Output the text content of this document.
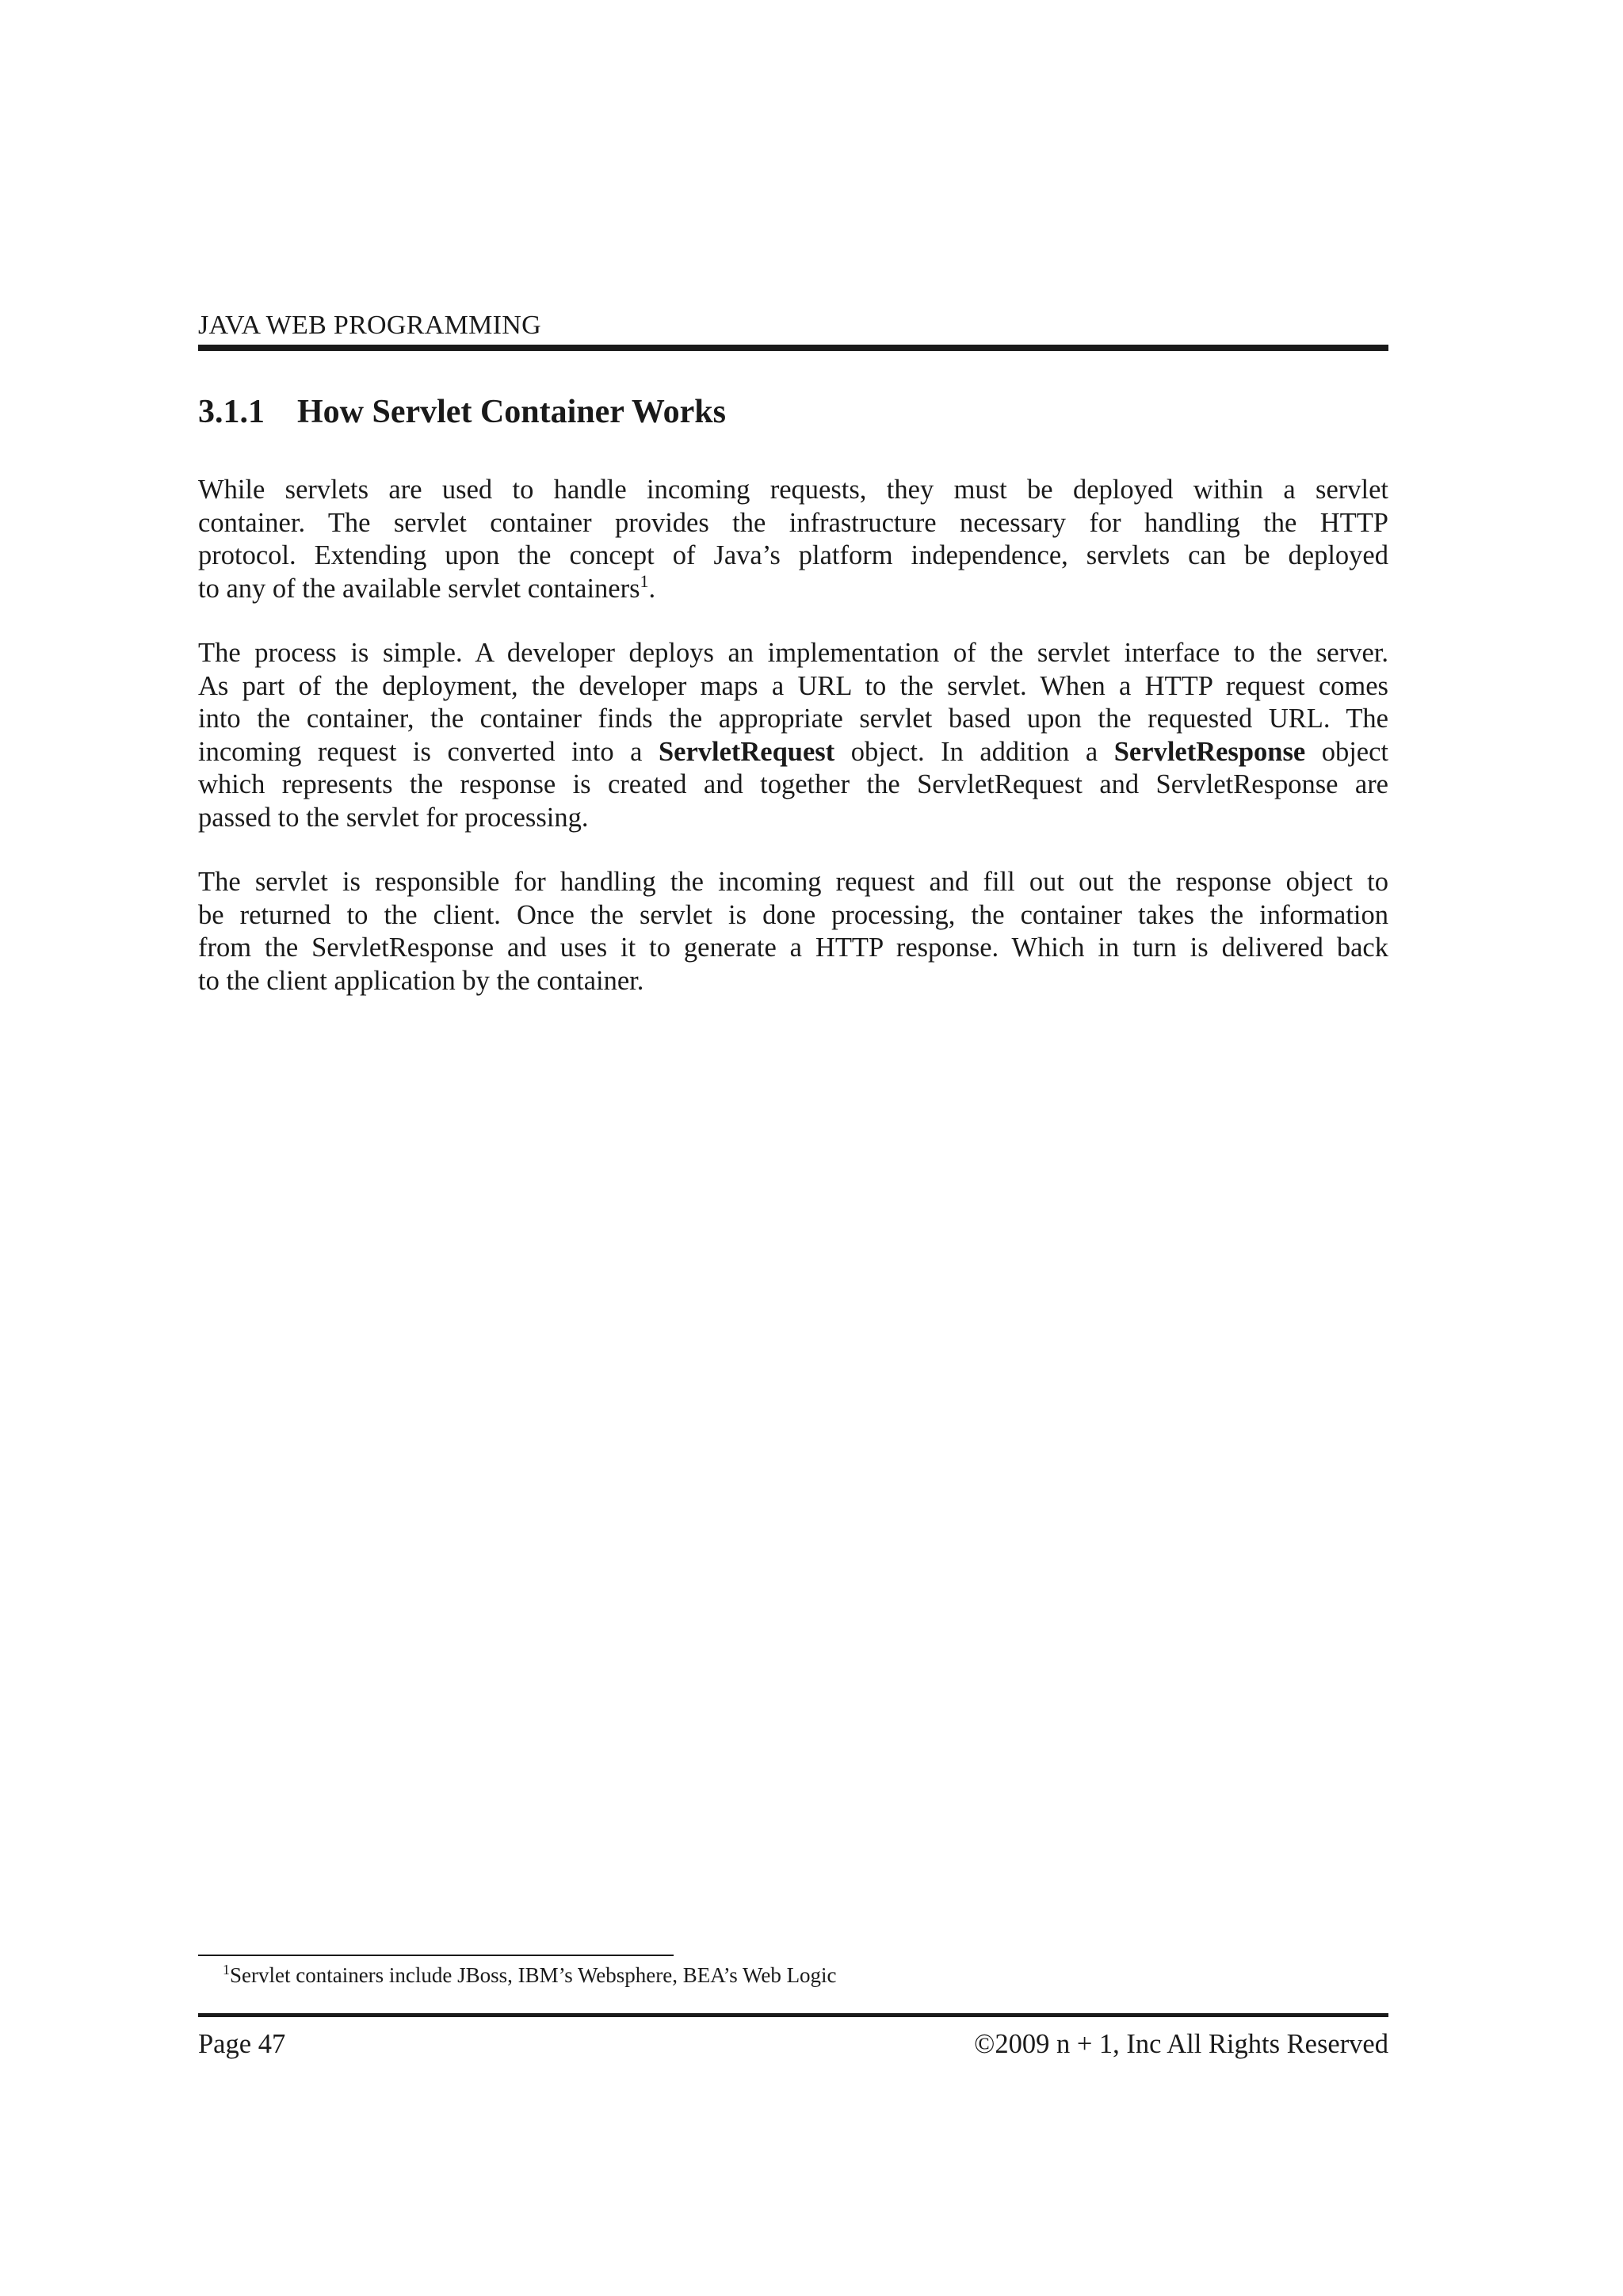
JAVA WEB PROGRAMMING
3.1.1 How Servlet Container Works

While servlets are used to handle incoming requests, they must be deployed within a servlet
container. The servlet container provides the infrastructure necessary for handling the HTTP
protocol. Extending upon the concept of Java’s platform independence, servlets can be deployed
to any of the available servlet containers$^1$.

The process is simple. A developer deploys an implementation of the servlet interface to the server.
As part of the deployment, the developer maps a URL to the servlet. When a HTTP request comes
into the container, the container finds the appropriate servlet based upon the requested URL. The
incoming request is converted into a ServletRequest object. In addition a ServletResponse object
which represents the response is created and together the ServletRequest and ServletResponse are
passed to the servlet for processing.

The servlet is responsible for handling the incoming request and fill out out the response object to
be returned to the client. Once the servlet is done processing, the container takes the information
from the ServletResponse and uses it to generate a HTTP response. Which in turn is delivered back
to the client application by the container.

$^1$Servlet containers include JBoss, IBM’s Websphere, BEA’s Web Logic
Page 47	©2009 n + 1, Inc All Rights Reserved
